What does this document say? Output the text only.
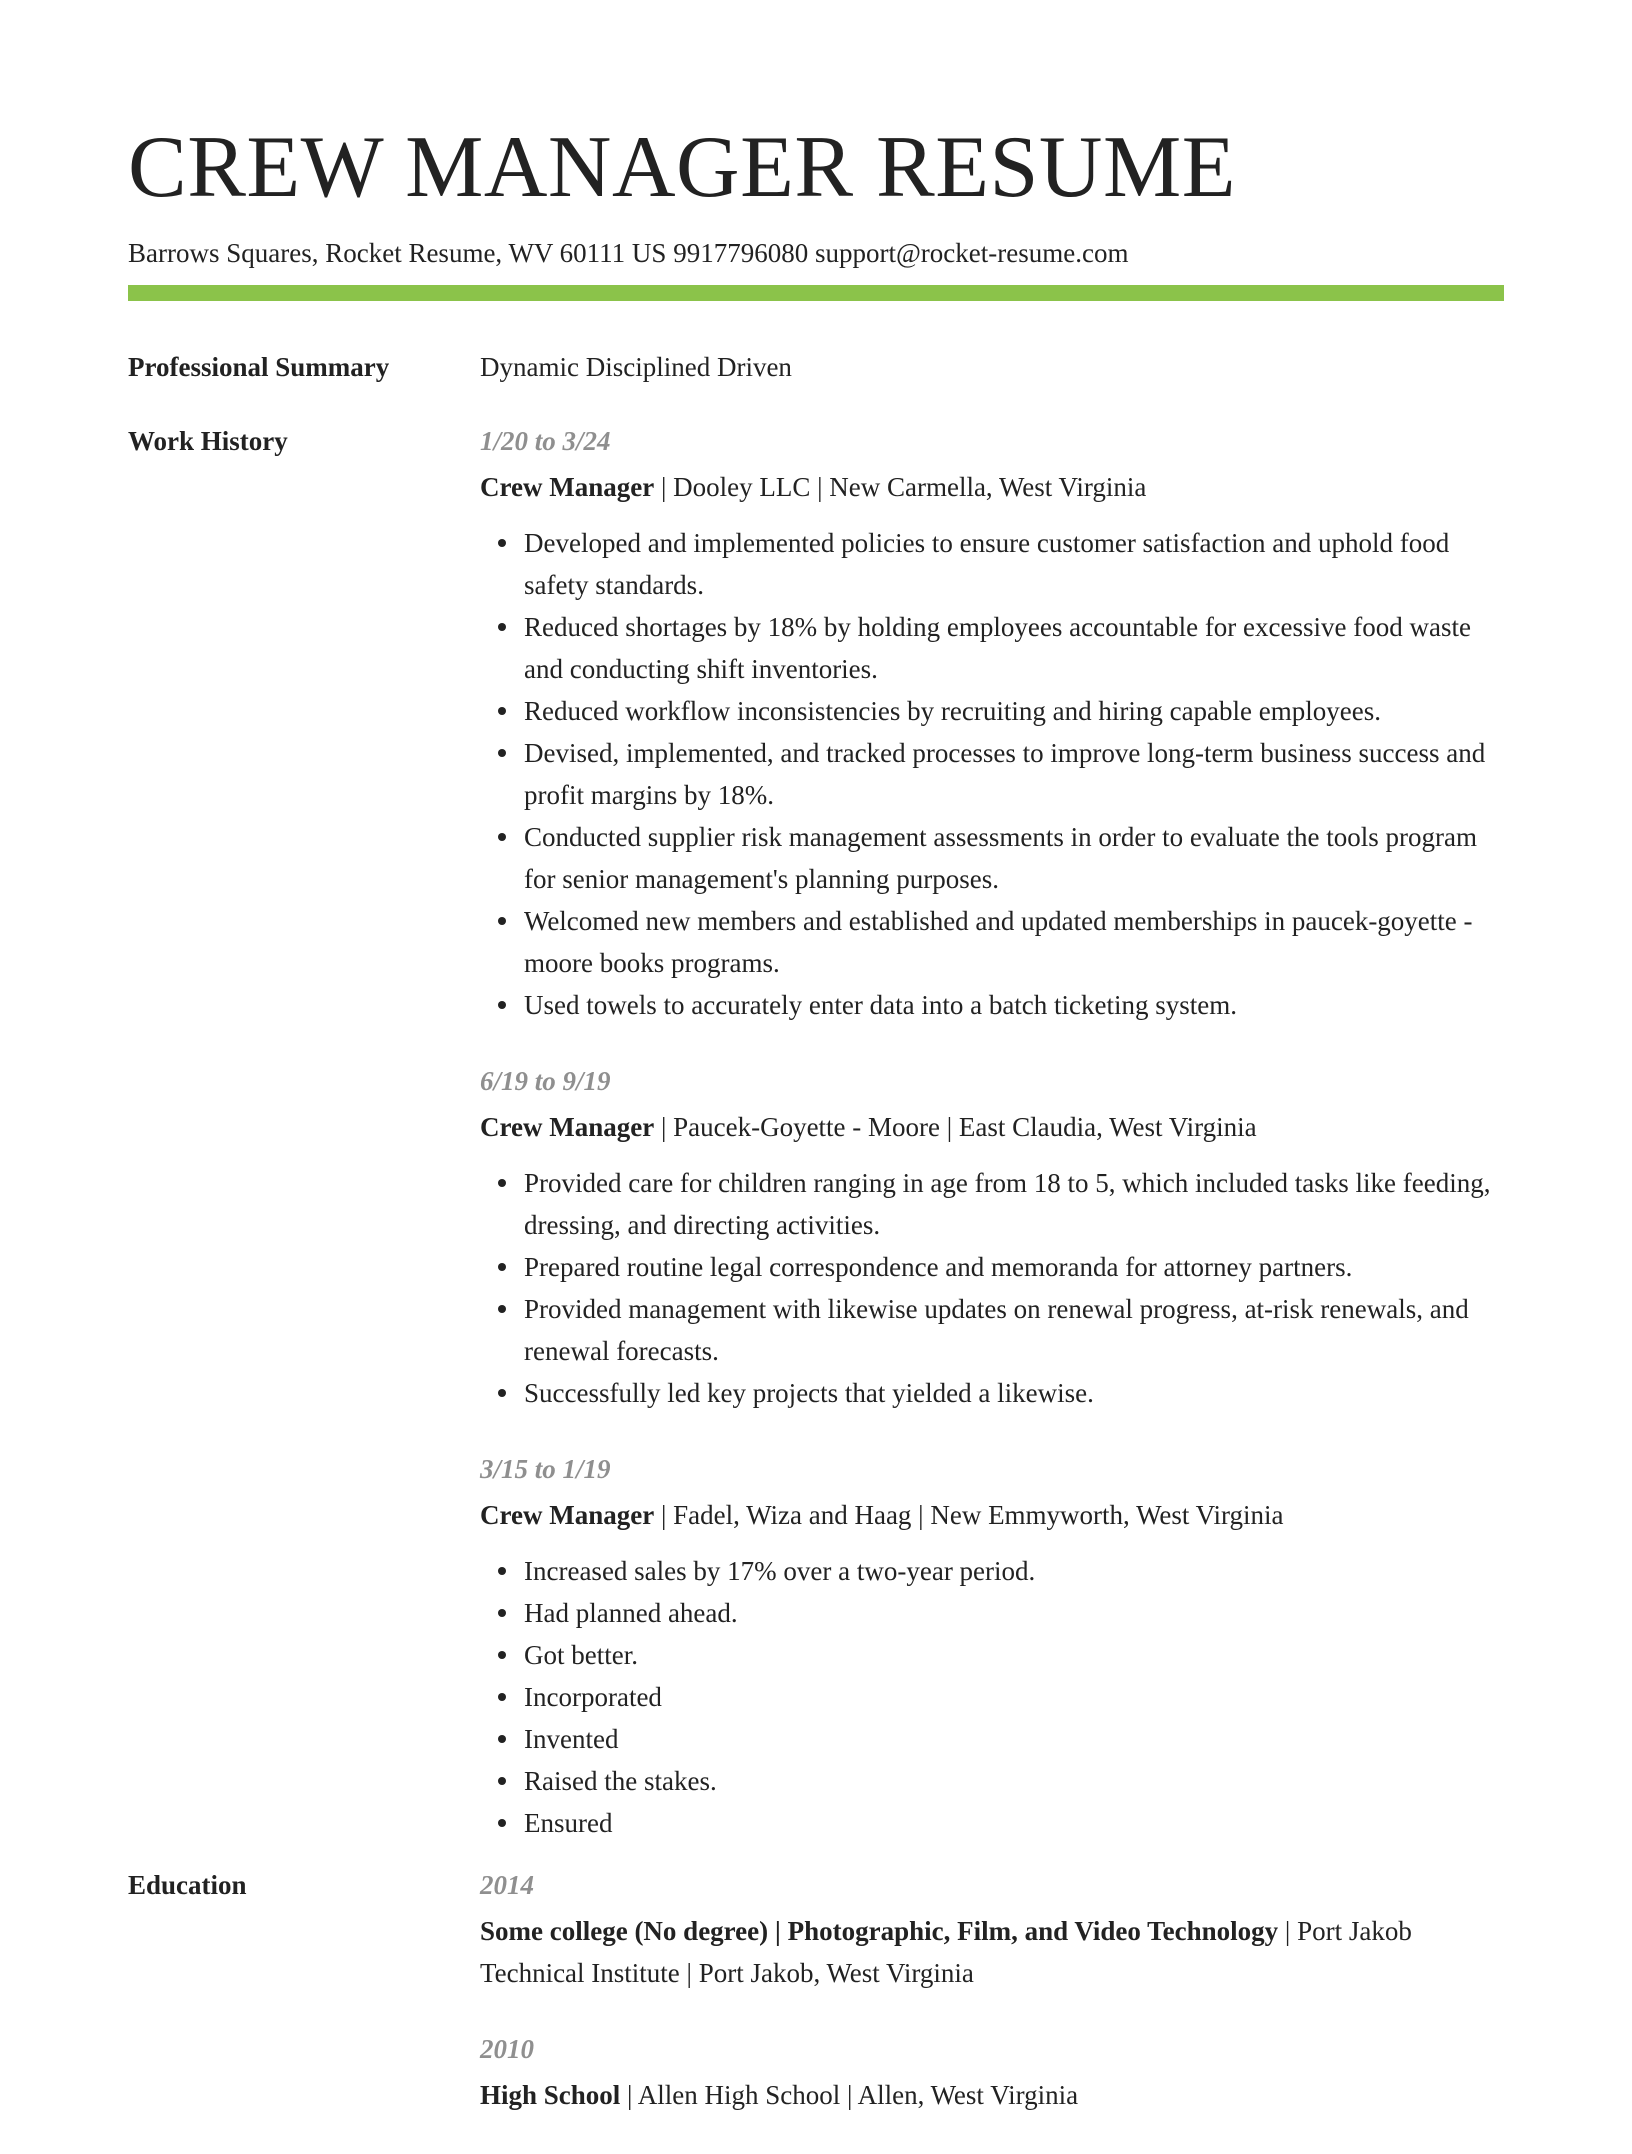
CREW MANAGER RESUME
Barrows Squares, Rocket Resume, WV 60111 US 9917796080 support@rocket-resume.com
Professional Summary	Dynamic Disciplined Driven
Work History	1/20 to 3/24
Crew Manager | Dooley LLC | New Carmella, West Virginia
Developed and implemented policies to ensure customer satisfaction and uphold food safety standards.
Reduced shortages by 18% by holding employees accountable for excessive food waste and conducting shift inventories.
Reduced workflow inconsistencies by recruiting and hiring capable employees.
Devised, implemented, and tracked processes to improve long-term business success and profit margins by 18%.
Conducted supplier risk management assessments in order to evaluate the tools program for senior management's planning purposes.
Welcomed new members and established and updated memberships in paucek-goyette - moore books programs.
Used towels to accurately enter data into a batch ticketing system.
6/19 to 9/19
Crew Manager | Paucek-Goyette - Moore | East Claudia, West Virginia
Provided care for children ranging in age from 18 to 5, which included tasks like feeding, dressing, and directing activities.
Prepared routine legal correspondence and memoranda for attorney partners.
Provided management with likewise updates on renewal progress, at-risk renewals, and renewal forecasts.
Successfully led key projects that yielded a likewise.
3/15 to 1/19
Crew Manager | Fadel, Wiza and Haag | New Emmyworth, West Virginia
Increased sales by 17% over a two-year period.
Had planned ahead.
Got better.
Incorporated
Invented
Raised the stakes.
Ensured
Education	2014
Some college (No degree) | Photographic, Film, and Video Technology | Port Jakob Technical Institute | Port Jakob, West Virginia
2010
High School | Allen High School | Allen, West Virginia
